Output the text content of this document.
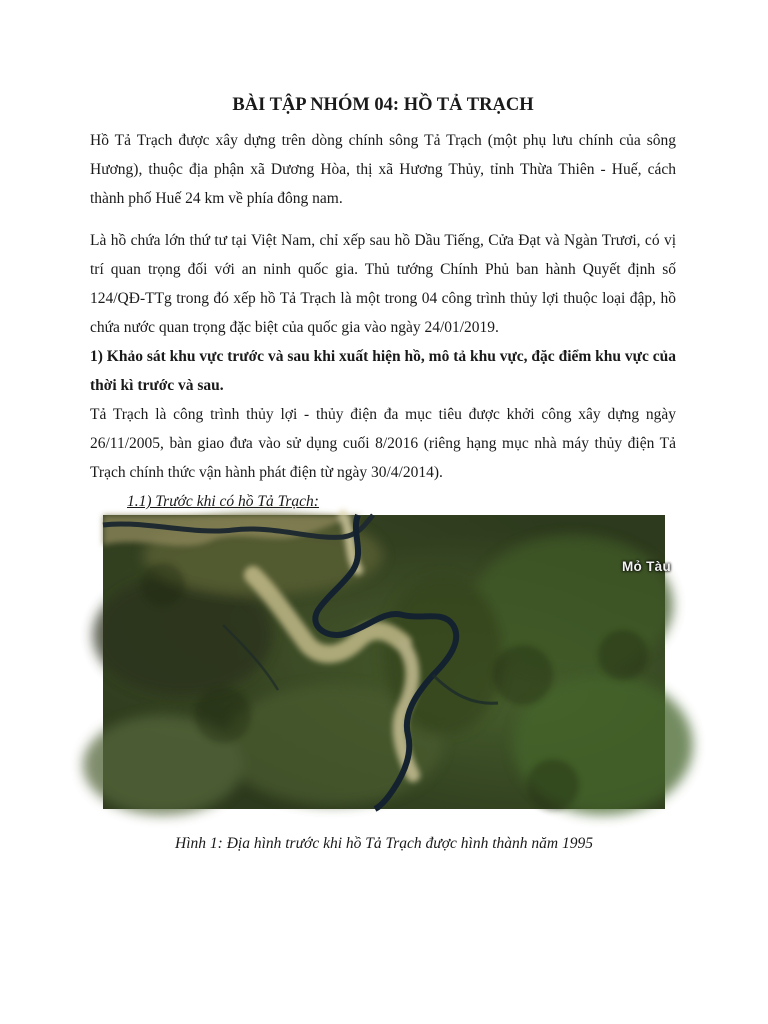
BÀI TẬP NHÓM 04: HỒ TẢ TRẠCH

Hồ Tả Trạch được xây dựng trên dòng chính sông Tả Trạch (một phụ lưu chính của sông Hương), thuộc địa phận xã Dương Hòa, thị xã Hương Thủy, tỉnh Thừa Thiên - Huế, cách thành phố Huế 24 km về phía đông nam.

Là hồ chứa lớn thứ tư tại Việt Nam, chỉ xếp sau hồ Dầu Tiếng, Cửa Đạt và Ngàn Trươi, có vị trí quan trọng đối với an ninh quốc gia. Thủ tướng Chính Phủ ban hành Quyết định số 124/QĐ-TTg trong đó xếp hồ Tả Trạch là một trong 04 công trình thủy lợi thuộc loại đập, hồ chứa nước quan trọng đặc biệt của quốc gia vào ngày 24/01/2019.

1) Khảo sát khu vực trước và sau khi xuất hiện hồ, mô tả khu vực, đặc điểm khu vực của thời kì trước và sau.

Tả Trạch là công trình thủy lợi - thủy điện đa mục tiêu được khởi công xây dựng ngày 26/11/2005, bàn giao đưa vào sử dụng cuối 8/2016 (riêng hạng mục nhà máy thủy điện Tả Trạch chính thức vận hành phát điện từ ngày 30/4/2014).

1.1) Trước khi có hồ Tả Trạch:

Mỏ Tàu

Hình 1: Địa hình trước khi hồ Tả Trạch được hình thành năm 1995
